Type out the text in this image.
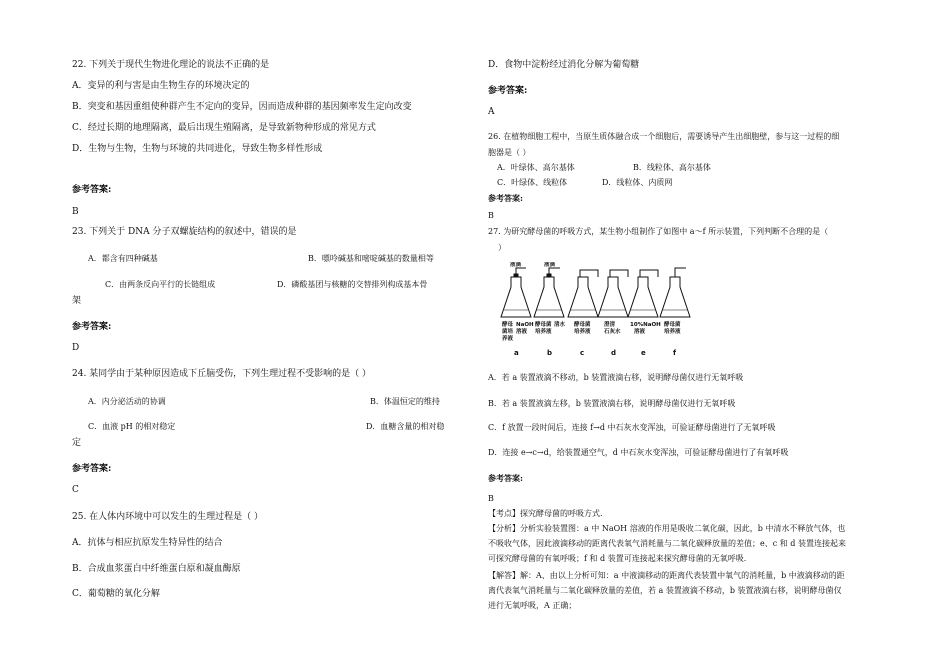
22. 下列关于现代生物进化理论的说法不正确的是
A．变异的利与害是由生物生存的环境决定的
B．突变和基因重组使种群产生不定向的变异，因而造成种群的基因频率发生定向改变
C．经过长期的地理隔离，最后出现生殖隔离，是导致新物种形成的常见方式
D．生物与生物，生物与环境的共同进化，导致生物多样性形成
参考答案:
B
23. 下列关于 DNA 分子双螺旋结构的叙述中，错误的是
A．都含有四种碱基	B．嘌呤碱基和嘧啶碱基的数量相等
C．由两条反向平行的长链组成	D．磷酸基团与核糖的交替排列构成基本骨
架
参考答案:
D
24. 某同学由于某种原因造成下丘脑受伤，下列生理过程不受影响的是（ ）
A．内分泌活动的协调	B．体温恒定的维持
C．血液 pH 的相对稳定	D．血糖含量的相对稳
定
参考答案:
C
25. 在人体内环境中可以发生的生理过程是（ ）
A．抗体与相应抗原发生特异性的结合
B．合成血浆蛋白中纤维蛋白原和凝血酶原
C．葡萄糖的氧化分解
D．食物中淀粉经过消化分解为葡萄糖
参考答案:
A
26. 在植物细胞工程中，当原生质体融合成一个细胞后，需要诱导产生出细胞壁，参与这一过程的细
胞器是（ ）
A．叶绿体、高尔基体	B．线粒体、高尔基体
C．叶绿体、线粒体	D．线粒体、内质网
参考答案:
B
27. 为研究酵母菌的呼吸方式，某生物小组制作了如图中 a～f 所示装置，下列判断不合理的是（
）
液滴	液滴
酵母
菌培
养液
NaOH
溶液
酵母菌
培养液
清水 酵母菌
培养液
澄清
石灰水
10%NaOH
溶液
酵母菌
培养液
a	b	c	d	e	f
A．若 a 装置液滴不移动，b 装置液滴右移，说明酵母菌仅进行无氧呼吸
B．若 a 装置液滴左移，b 装置液滴右移，说明酵母菌仅进行无氧呼吸
C．f 放置一段时间后，连接 f→d 中石灰水变浑浊，可验证酵母菌进行了无氧呼吸
D．连接 e→c→d，给装置通空气，d 中石灰水变浑浊，可验证酵母菌进行了有氧呼吸
参考答案:
B
【考点】探究酵母菌的呼吸方式.
【分析】分析实验装置图：a 中 NaOH 溶液的作用是吸收二氧化碳，因此，b 中清水不释放气体，也
不吸收气体，因此液滴移动的距离代表氧气消耗量与二氧化碳释放量的差值；e、c 和 d 装置连接起来
可探究酵母菌的有氧呼吸；f 和 d 装置可连接起来探究酵母菌的无氧呼吸．
【解答】解：A、由以上分析可知：a 中液滴移动的距离代表装置中氧气的消耗量，b 中液滴移动的距
离代表氧气消耗量与二氧化碳释放量的差值，若 a 装置液滴不移动，b 装置液滴右移，说明酵母菌仅
进行无氧呼吸，A 正确；
